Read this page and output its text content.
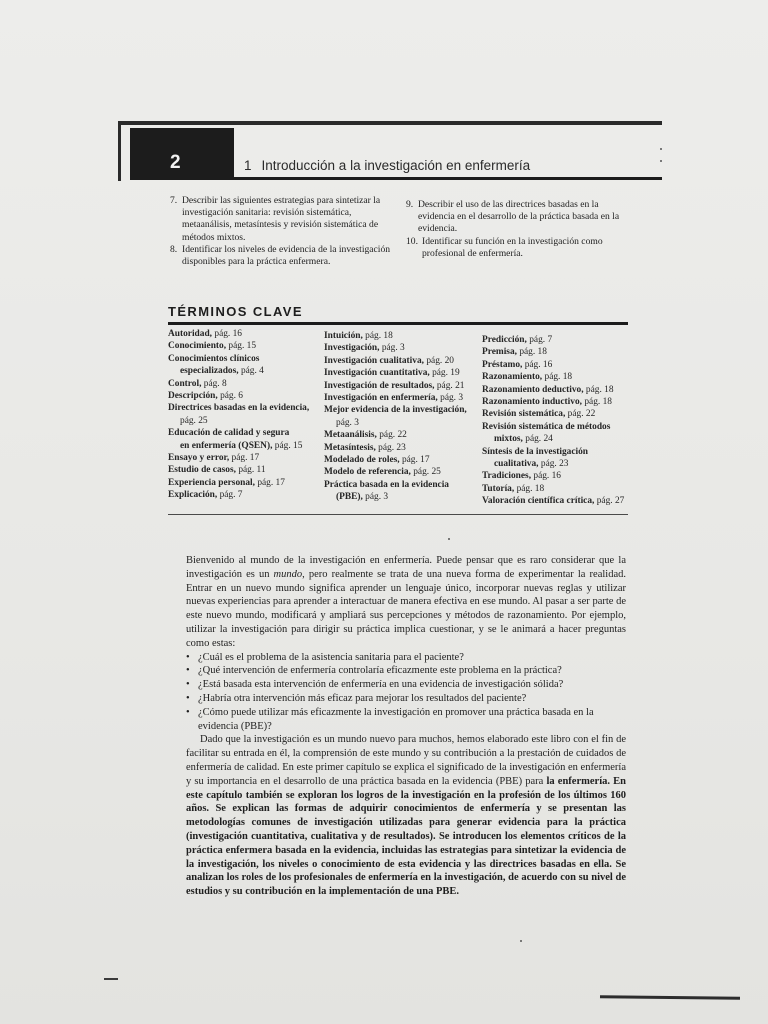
2	1 Introducción a la investigación en enfermería
7. Describir las siguientes estrategias para sintetizar la investigación sanitaria: revisión sistemática, metaanálisis, metasíntesis y revisión sistemática de métodos mixtos.
8. Identificar los niveles de evidencia de la investigación disponibles para la práctica enfermera.
9. Describir el uso de las directrices basadas en la evidencia en el desarrollo de la práctica basada en la evidencia.
10. Identificar su función en la investigación como profesional de enfermería.
TÉRMINOS CLAVE
Autoridad, pág. 16
Conocimiento, pág. 15
Conocimientos clínicos
especializados, pág. 4
Control, pág. 8
Descripción, pág. 6
Directrices basadas en la evidencia,
pág. 25
Educación de calidad y segura
en enfermería (QSEN), pág. 15
Ensayo y error, pág. 17
Estudio de casos, pág. 11
Experiencia personal, pág. 17
Explicación, pág. 7
Intuición, pág. 18
Investigación, pág. 3
Investigación cualitativa, pág. 20
Investigación cuantitativa, pág. 19
Investigación de resultados, pág. 21
Investigación en enfermería, pág. 3
Mejor evidencia de la investigación,
pág. 3
Metaanálisis, pág. 22
Metasíntesis, pág. 23
Modelado de roles, pág. 17
Modelo de referencia, pág. 25
Práctica basada en la evidencia
(PBE), pág. 3
Predicción, pág. 7
Premisa, pág. 18
Préstamo, pág. 16
Razonamiento, pág. 18
Razonamiento deductivo, pág. 18
Razonamiento inductivo, pág. 18
Revisión sistemática, pág. 22
Revisión sistemática de métodos
mixtos, pág. 24
Síntesis de la investigación
cualitativa, pág. 23
Tradiciones, pág. 16
Tutoría, pág. 18
Valoración científica crítica, pág. 27

Bienvenido al mundo de la investigación en enfermería. Puede pensar que es raro considerar que la investigación es un mundo, pero realmente se trata de una nueva forma de experimentar la realidad. Entrar en un nuevo mundo significa aprender un lenguaje único, incorporar nuevas reglas y utilizar nuevas experiencias para aprender a interactuar de manera efectiva en ese mundo. Al pasar a ser parte de este nuevo mundo, modificará y ampliará sus percepciones y métodos de razonamiento. Por ejemplo, utilizar la investigación para dirigir su práctica implica cuestionar, y se le animará a hacer preguntas como estas:

• ¿Cuál es el problema de la asistencia sanitaria para el paciente?
• ¿Qué intervención de enfermería controlaría eficazmente este problema en la práctica?
• ¿Está basada esta intervención de enfermería en una evidencia de investigación sólida?
• ¿Habría otra intervención más eficaz para mejorar los resultados del paciente?
• ¿Cómo puede utilizar más eficazmente la investigación en promover una práctica basada en la evidencia (PBE)?

Dado que la investigación es un mundo nuevo para muchos, hemos elaborado este libro con el fin de facilitar su entrada en él, la comprensión de este mundo y su contribución a la prestación de cuidados de enfermería de calidad. En este primer capítulo se explica el significado de la investigación en enfermería y su importancia en el desarrollo de una práctica basada en la evidencia (PBE) para la enfermería. En este capítulo también se exploran los logros de la investigación en la profesión de los últimos 160 años. Se explican las formas de adquirir conocimientos de enfermería y se presentan las metodologías comunes de investigación utilizadas para generar evidencia para la práctica (investigación cuantitativa, cualitativa y de resultados). Se introducen los elementos críticos de la práctica enfermera basada en la evidencia, incluidas las estrategias para sintetizar la evidencia de la investigación, los niveles o conocimiento de esta evidencia y las directrices basadas en ella. Se analizan los roles de los profesionales de enfermería en la investigación, de acuerdo con su nivel de estudios y su contribución en la implementación de una PBE.
